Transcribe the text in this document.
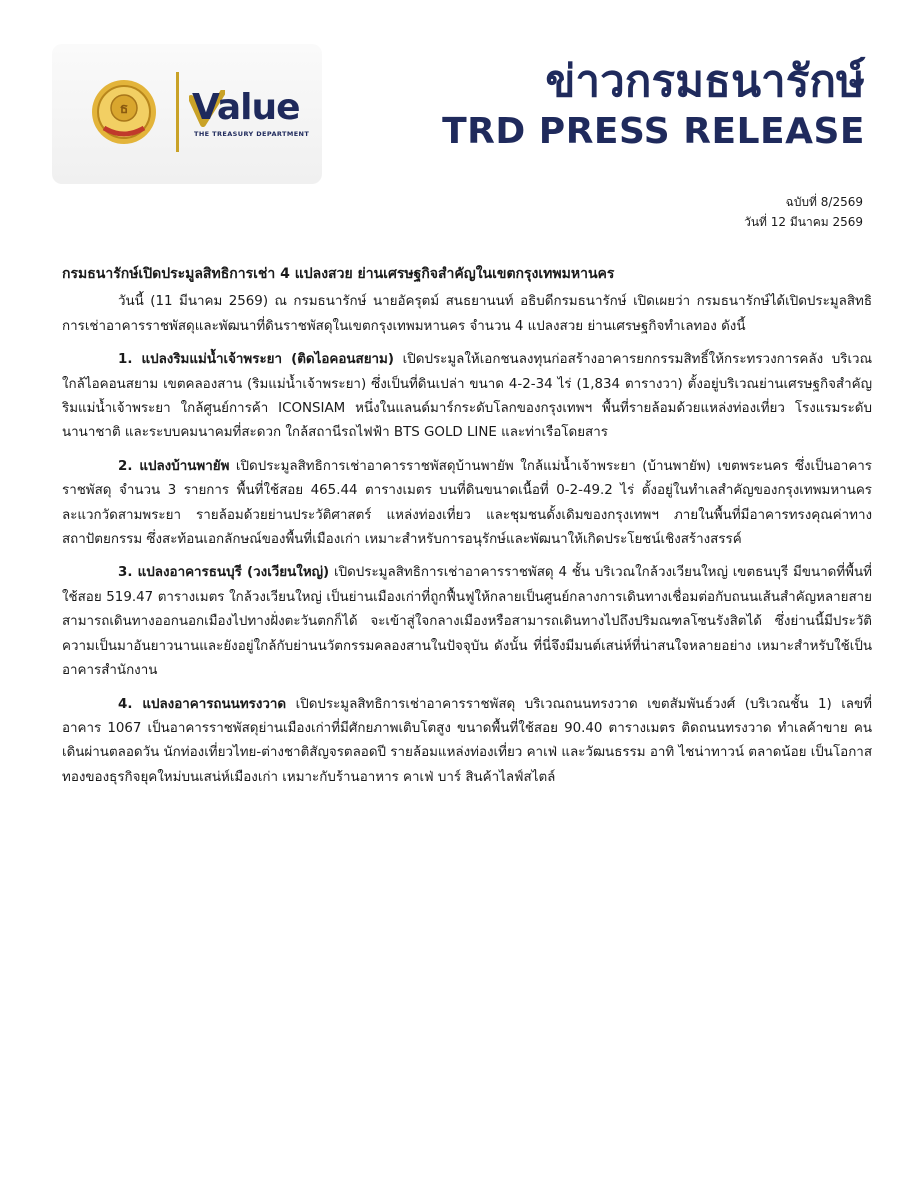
ธ Value
THE TREASURY DEPARTMENT
ข่าวกรมธนารักษ์
TRD PRESS RELEASE
ฉบับที่ 8/2569
วันที่ 12 มีนาคม 2569
กรมธนารักษ์เปิดประมูลสิทธิการเช่า 4 แปลงสวย ย่านเศรษฐกิจสำคัญในเขตกรุงเทพมหานคร

วันนี้ (11 มีนาคม 2569) ณ กรมธนารักษ์ นายอัครุตม์ สนธยานนท์ อธิบดีกรมธนารักษ์ เปิดเผยว่า กรมธนารักษ์ได้เปิดประมูลสิทธิการเช่าอาคารราชพัสดุและพัฒนาที่ดินราชพัสดุในเขตกรุงเทพมหานคร จำนวน 4 แปลงสวย ย่านเศรษฐกิจทำเลทอง ดังนี้

1. แปลงริมแม่น้ำเจ้าพระยา (ติดไอคอนสยาม) เปิดประมูลให้เอกชนลงทุนก่อสร้างอาคารยกกรรมสิทธิ์ให้กระทรวงการคลัง บริเวณใกล้ไอคอนสยาม เขตคลองสาน (ริมแม่น้ำเจ้าพระยา) ซึ่งเป็นที่ดินเปล่า ขนาด 4-2-34 ไร่ (1,834 ตารางวา) ตั้งอยู่บริเวณย่านเศรษฐกิจสำคัญริมแม่น้ำเจ้าพระยา ใกล้ศูนย์การค้า ICONSIAM หนึ่งในแลนด์มาร์กระดับโลกของกรุงเทพฯ พื้นที่รายล้อมด้วยแหล่งท่องเที่ยว โรงแรมระดับนานาชาติ และระบบคมนาคมที่สะดวก ใกล้สถานีรถไฟฟ้า BTS GOLD LINE และท่าเรือโดยสาร

2. แปลงบ้านพายัพ เปิดประมูลสิทธิการเช่าอาคารราชพัสดุบ้านพายัพ ใกล้แม่น้ำเจ้าพระยา (บ้านพายัพ) เขตพระนคร ซึ่งเป็นอาคารราชพัสดุ จำนวน 3 รายการ พื้นที่ใช้สอย 465.44 ตารางเมตร บนที่ดินขนาดเนื้อที่ 0-2-49.2 ไร่ ตั้งอยู่ในทำเลสำคัญของกรุงเทพมหานคร ละแวกวัดสามพระยา รายล้อมด้วยย่านประวัติศาสตร์ แหล่งท่องเที่ยว และชุมชนดั้งเดิมของกรุงเทพฯ ภายในพื้นที่มีอาคารทรงคุณค่าทางสถาปัตยกรรม ซึ่งสะท้อนเอกลักษณ์ของพื้นที่เมืองเก่า เหมาะสำหรับการอนุรักษ์และพัฒนาให้เกิดประโยชน์เชิงสร้างสรรค์

3. แปลงอาคารธนบุรี (วงเวียนใหญ่) เปิดประมูลสิทธิการเช่าอาคารราชพัสดุ 4 ชั้น บริเวณใกล้วงเวียนใหญ่ เขตธนบุรี มีขนาดที่พื้นที่ใช้สอย 519.47 ตารางเมตร ใกล้วงเวียนใหญ่ เป็นย่านเมืองเก่าที่ถูกฟื้นฟูให้กลายเป็นศูนย์กลางการเดินทางเชื่อมต่อกับถนนเส้นสำคัญหลายสาย สามารถเดินทางออกนอกเมืองไปทางฝั่งตะวันตกก็ได้ จะเข้าสู่ใจกลางเมืองหรือสามารถเดินทางไปถึงปริมณฑลโซนรังสิตได้ ซึ่งย่านนี้มีประวัติความเป็นมาอันยาวนานและยังอยู่ใกล้กับย่านนวัตกรรมคลองสานในปัจจุบัน ดังนั้น ที่นี่จึงมีมนต์เสน่ห์ที่น่าสนใจหลายอย่าง เหมาะสำหรับใช้เป็นอาคารสำนักงาน

4. แปลงอาคารถนนทรงวาด เปิดประมูลสิทธิการเช่าอาคารราชพัสดุ บริเวณถนนทรงวาด เขตสัมพันธ์วงศ์ (บริเวณชั้น 1) เลขที่อาคาร 1067 เป็นอาคารราชพัสดุย่านเมืองเก่าที่มีศักยภาพเติบโตสูง ขนาดพื้นที่ใช้สอย 90.40 ตารางเมตร ติดถนนทรงวาด ทำเลค้าขาย คนเดินผ่านตลอดวัน นักท่องเที่ยวไทย-ต่างชาติสัญจรตลอดปี รายล้อมแหล่งท่องเที่ยว คาเฟ่ และวัฒนธรรม อาทิ ไชน่าทาวน์ ตลาดน้อย เป็นโอกาสทองของธุรกิจยุคใหม่บนเสน่ห์เมืองเก่า เหมาะกับร้านอาหาร คาเฟ่ บาร์ สินค้าไลฟ์สไตล์
